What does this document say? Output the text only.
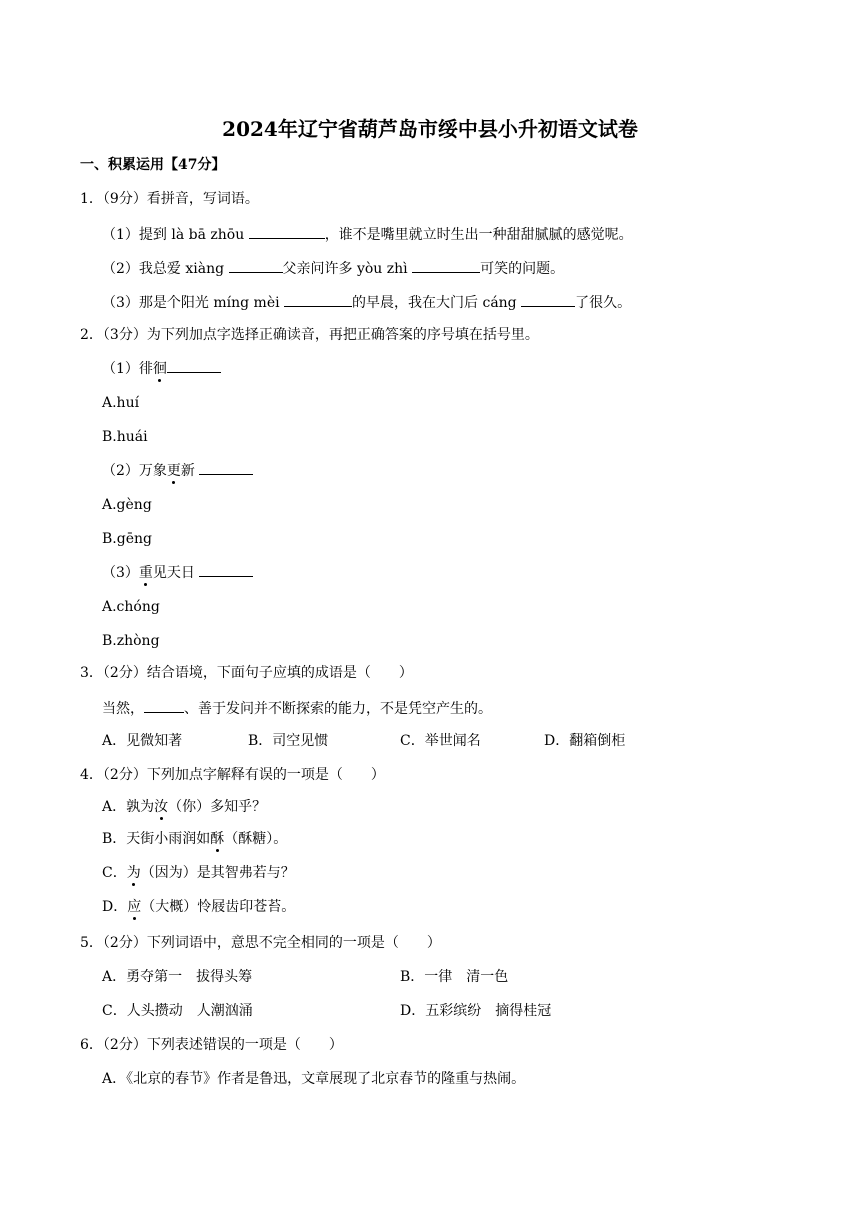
2024年辽宁省葫芦岛市绥中县小升初语文试卷
一、积累运用【47分】
1．（9分）看拼音，写词语。
（1）提到 là bā zhōu	，谁不是嘴里就立时生出一种甜甜腻腻的感觉呢。
（2）我总爱 xiàng	父亲问许多 yòu zhì	可笑的问题。
（3）那是个阳光 míng mèi	的早晨，我在大门后 cáng	了很久。
2．（3分）为下列加点字选择正确读音，再把正确答案的序号填在括号里。
（1）徘徊
A.huí
B.huái
（2）万象更新
A.gèng
B.gēng
（3）重见天日
A.chóng
B.zhòng
3．（2分）结合语境，下面句子应填的成语是（　　）
当然，	、善于发问并不断探索的能力，不是凭空产生的。
A．见微知著	B．司空见惯	C．举世闻名	D．翻箱倒柜
4．（2分）下列加点字解释有误的一项是（　　）
A．孰为汝（你）多知乎？
B．天街小雨润如酥（酥糖）。
C．为（因为）是其智弗若与？
D．应（大概）怜屐齿印苍苔。
5．（2分）下列词语中，意思不完全相同的一项是（　　）
A．勇夺第一　拔得头筹	B．一律　清一色
C．人头攒动　人潮汹涌	D．五彩缤纷　摘得桂冠
6．（2分）下列表述错误的一项是（　　）
A．《北京的春节》作者是鲁迅，文章展现了北京春节的隆重与热闹。
